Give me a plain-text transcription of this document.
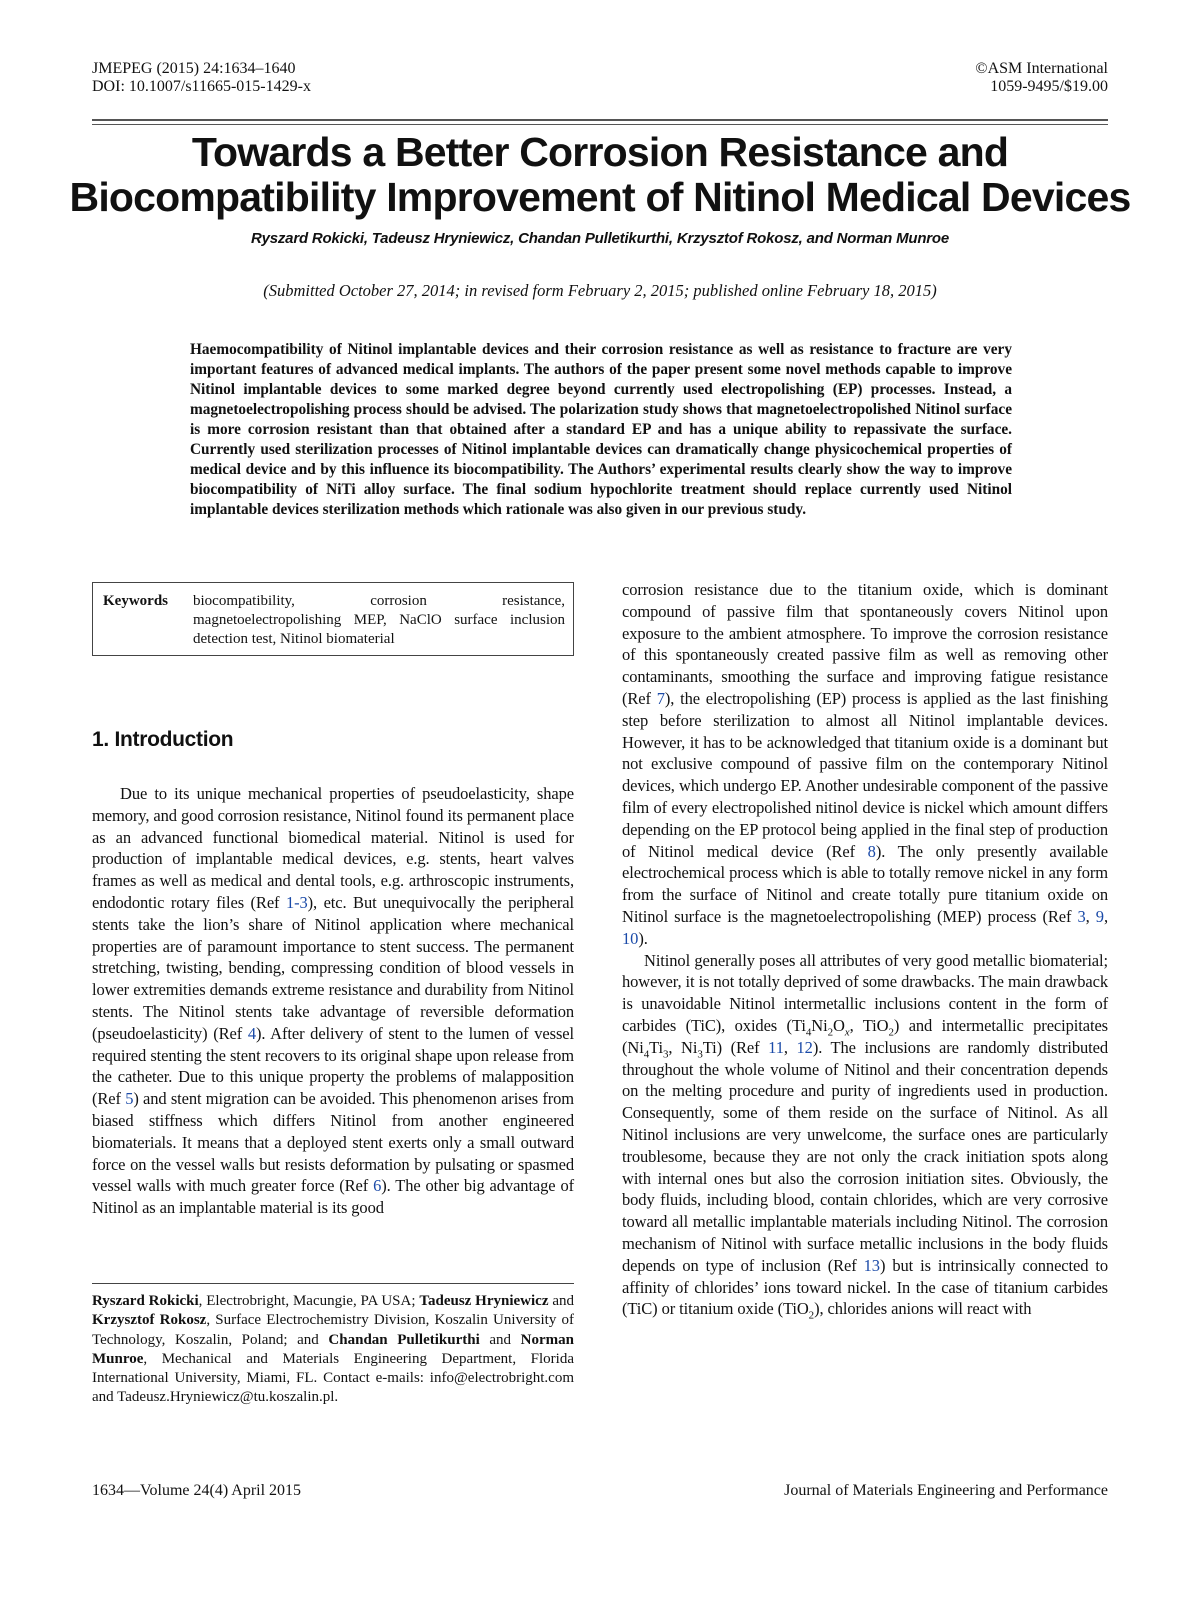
JMEPEG (2015) 24:1634–1640
DOI: 10.1007/s11665-015-1429-x
©ASM International
1059-9495/$19.00
Towards a Better Corrosion Resistance and
Biocompatibility Improvement of Nitinol Medical Devices
Ryszard Rokicki, Tadeusz Hryniewicz, Chandan Pulletikurthi, Krzysztof Rokosz, and Norman Munroe
(Submitted October 27, 2014; in revised form February 2, 2015; published online February 18, 2015)
Haemocompatibility of Nitinol implantable devices and their corrosion resistance as well as resistance to fracture are very important features of advanced medical implants. The authors of the paper present some novel methods capable to improve Nitinol implantable devices to some marked degree beyond currently used electropolishing (EP) processes. Instead, a magnetoelectropolishing process should be advised. The polarization study shows that magnetoelectropolished Nitinol surface is more corrosion resistant than that obtained after a standard EP and has a unique ability to repassivate the surface. Currently used sterilization processes of Nitinol implantable devices can dramatically change physicochemical properties of medical device and by this influence its biocompatibility. The Authors’ experimental results clearly show the way to improve biocompatibility of NiTi alloy surface. The final sodium hypochlorite treatment should replace currently used Nitinol implantable devices sterilization methods which rationale was also given in our previous study.
Keywords biocompatibility, corrosion resistance, magnetoelectropolishing MEP, NaClO surface inclusion detection test, Nitinol biomaterial
1. Introduction
Due to its unique mechanical properties of pseudoelasticity, shape memory, and good corrosion resistance, Nitinol found its permanent place as an advanced functional biomedical material. Nitinol is used for production of implantable medical devices, e.g. stents, heart valves frames as well as medical and dental tools, e.g. arthroscopic instruments, endodontic rotary files (Ref 1-3), etc. But unequivocally the peripheral stents take the lion’s share of Nitinol application where mechanical properties are of paramount importance to stent success. The permanent stretching, twisting, bending, compressing condition of blood vessels in lower extremities demands extreme resistance and durability from Nitinol stents. The Nitinol stents take advantage of reversible deformation (pseudoelasticity) (Ref 4). After delivery of stent to the lumen of vessel required stenting the stent recovers to its original shape upon release from the catheter. Due to this unique property the problems of malapposition (Ref 5) and stent migration can be avoided. This phenomenon arises from biased stiffness which differs Nitinol from another engineered biomaterials. It means that a deployed stent exerts only a small outward force on the vessel walls but resists deformation by pulsating or spasmed vessel walls with much greater force (Ref 6). The other big advantage of Nitinol as an implantable material is its good
Ryszard Rokicki, Electrobright, Macungie, PA USA; Tadeusz Hryniewicz and Krzysztof Rokosz, Surface Electrochemistry Division, Koszalin University of Technology, Koszalin, Poland; and Chandan Pulletikurthi and Norman Munroe, Mechanical and Materials Engineering Department, Florida International University, Miami, FL. Contact e-mails: info@electrobright.com and Tadeusz.Hryniewicz@tu.koszalin.pl.

corrosion resistance due to the titanium oxide, which is dominant compound of passive film that spontaneously covers Nitinol upon exposure to the ambient atmosphere. To improve the corrosion resistance of this spontaneously created passive film as well as removing other contaminants, smoothing the surface and improving fatigue resistance (Ref 7), the electropolishing (EP) process is applied as the last finishing step before sterilization to almost all Nitinol implantable devices. However, it has to be acknowledged that titanium oxide is a dominant but not exclusive compound of passive film on the contemporary Nitinol devices, which undergo EP. Another undesirable component of the passive film of every electropolished nitinol device is nickel which amount differs depending on the EP protocol being applied in the final step of production of Nitinol medical device (Ref 8). The only presently available electrochemical process which is able to totally remove nickel in any form from the surface of Nitinol and create totally pure titanium oxide on Nitinol surface is the magnetoelectropolishing (MEP) process (Ref 3, 9, 10).

Nitinol generally poses all attributes of very good metallic biomaterial; however, it is not totally deprived of some drawbacks. The main drawback is unavoidable Nitinol intermetallic inclusions content in the form of carbides (TiC), oxides ($Ti_4Ni_2O_x$, TiO$_2$) and intermetallic precipitates ($Ni_4Ti_3$, $Ni_3Ti$) (Ref 11, 12). The inclusions are randomly distributed throughout the whole volume of Nitinol and their concentration depends on the melting procedure and purity of ingredients used in production. Consequently, some of them reside on the surface of Nitinol. As all Nitinol inclusions are very unwelcome, the surface ones are particularly troublesome, because they are not only the crack initiation spots along with internal ones but also the corrosion initiation sites. Obviously, the body fluids, including blood, contain chlorides, which are very corrosive toward all metallic implantable materials including Nitinol. The corrosion mechanism of Nitinol with surface metallic inclusions in the body fluids depends on type of inclusion (Ref 13) but is intrinsically connected to affinity of chlorides’ ions toward nickel. In the case of titanium carbides (TiC) or titanium oxide (TiO$_2$), chlorides anions will react with

1634—Volume 24(4) April 2015	Journal of Materials Engineering and Performance
